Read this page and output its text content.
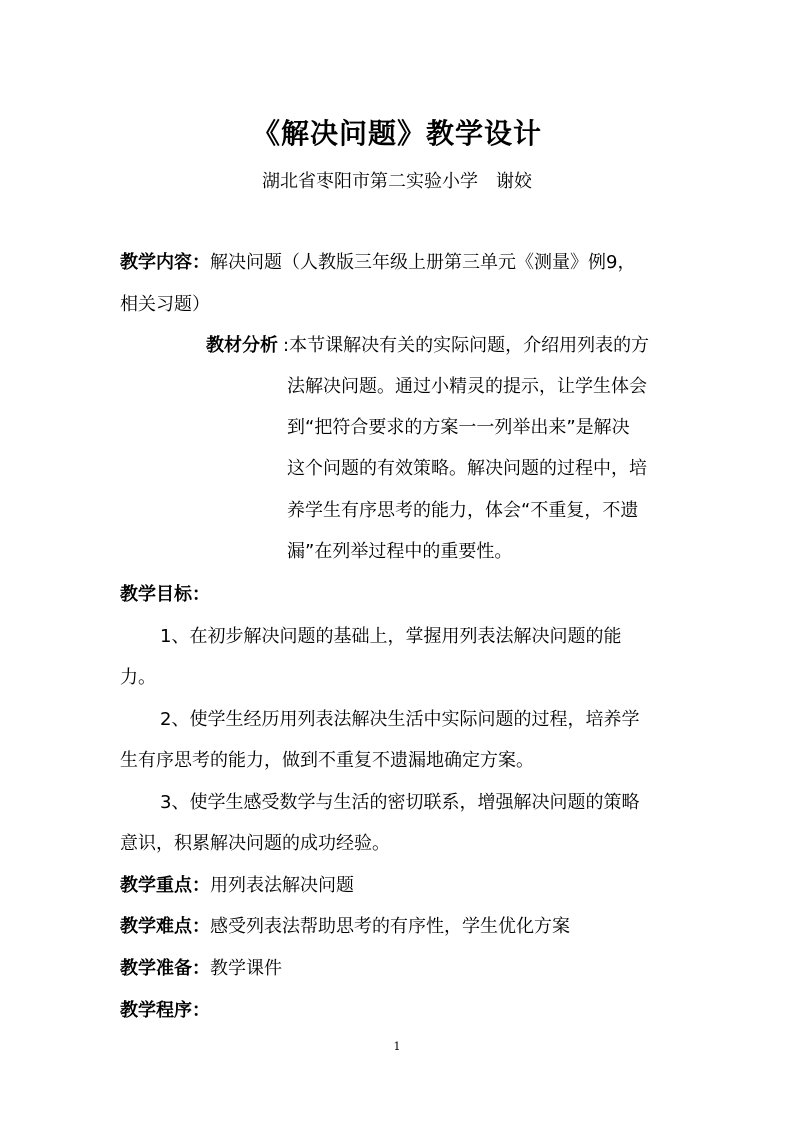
《解决问题》教学设计
湖北省枣阳市第二实验小学　谢姣
教学内容：解决问题（人教版三年级上册第三单元《测量》例9，
相关习题）
教材分析 :本节课解决有关的实际问题，介绍用列表的方
法解决问题。通过小精灵的提示，让学生体会
到“把符合要求的方案一一列举出来”是解决
这个问题的有效策略。解决问题的过程中，培
养学生有序思考的能力，体会“不重复，不遗
漏”在列举过程中的重要性。
教学目标：
1、在初步解决问题的基础上，掌握用列表法解决问题的能
力。
2、使学生经历用列表法解决生活中实际问题的过程，培养学
生有序思考的能力，做到不重复不遗漏地确定方案。
3、使学生感受数学与生活的密切联系，增强解决问题的策略
意识，积累解决问题的成功经验。
教学重点：用列表法解决问题
教学难点：感受列表法帮助思考的有序性，学生优化方案
教学准备：教学课件
教学程序：
1
